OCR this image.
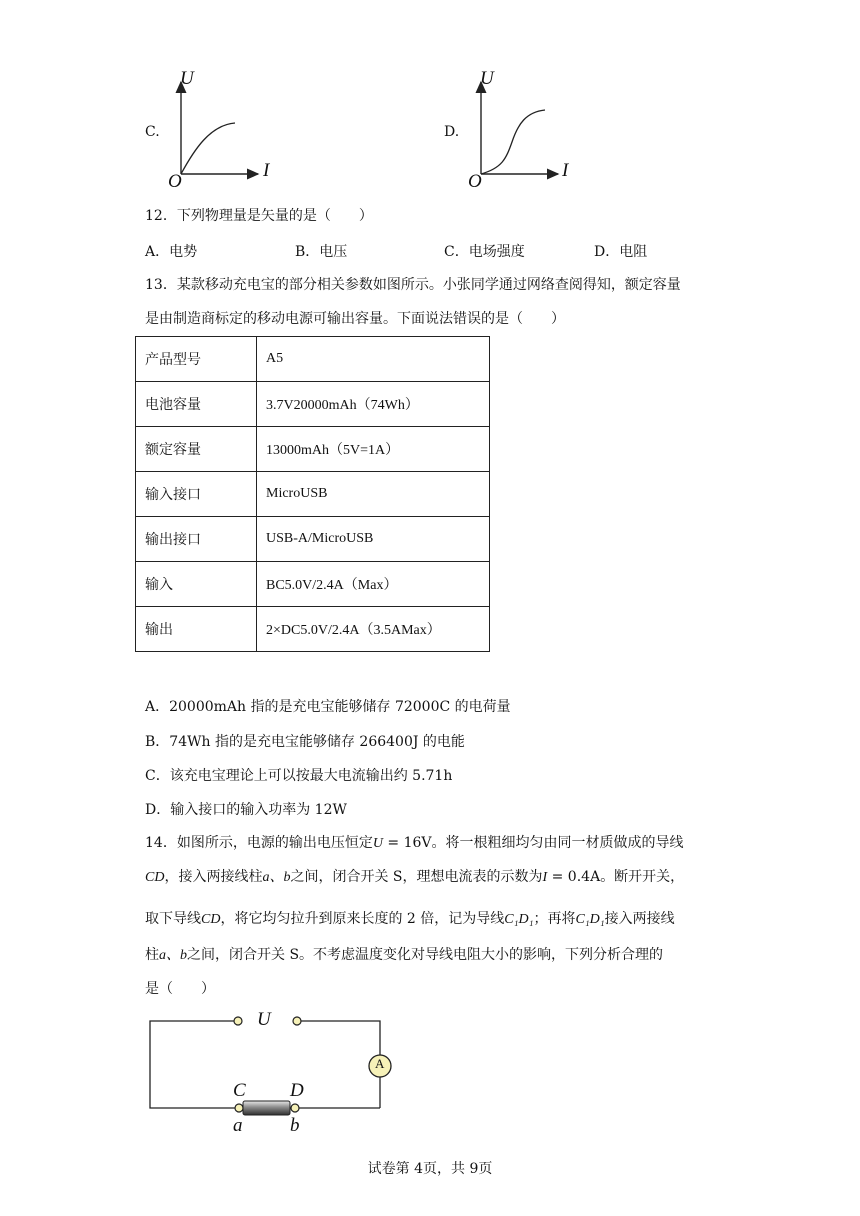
C.
U
I
O
D.
U
I
O
12．下列物理量是矢量的是（　　）
A．电势	B．电压	C．电场强度	D．电阻
13．某款移动充电宝的部分相关参数如图所示。小张同学通过网络查阅得知，额定容量
是由制造商标定的移动电源可输出容量。下面说法错误的是（　　）
产品型号	A5
电池容量	3.7V20000mAh（74Wh）
额定容量	13000mAh（5V=1A）
输入接口	MicroUSB
输出接口	USB-A/MicroUSB
输入	BC5.0V/2.4A（Max）
输出	2×DC5.0V/2.4A（3.5AMax）
A．20000mAh 指的是充电宝能够储存 72000C 的电荷量
B．74Wh 指的是充电宝能够储存 266400J 的电能
C．该充电宝理论上可以按最大电流输出约 5.71h
D．输入接口的输入功率为 12W
14．如图所示，电源的输出电压恒定U = 16V。将一根粗细均匀由同一材质做成的导线
CD，接入两接线柱a、b之间，闭合开关 S，理想电流表的示数为I = 0.4A。断开开关，
取下导线CD，将它均匀拉升到原来长度的 2 倍，记为导线C₁D₁；再将C₁D₁接入两接线
柱a、b之间，闭合开关 S。不考虑温度变化对导线电阻大小的影响，下列分析合理的
是（　　）
U
A
C D
a	b
试卷第 4页，共 9页
